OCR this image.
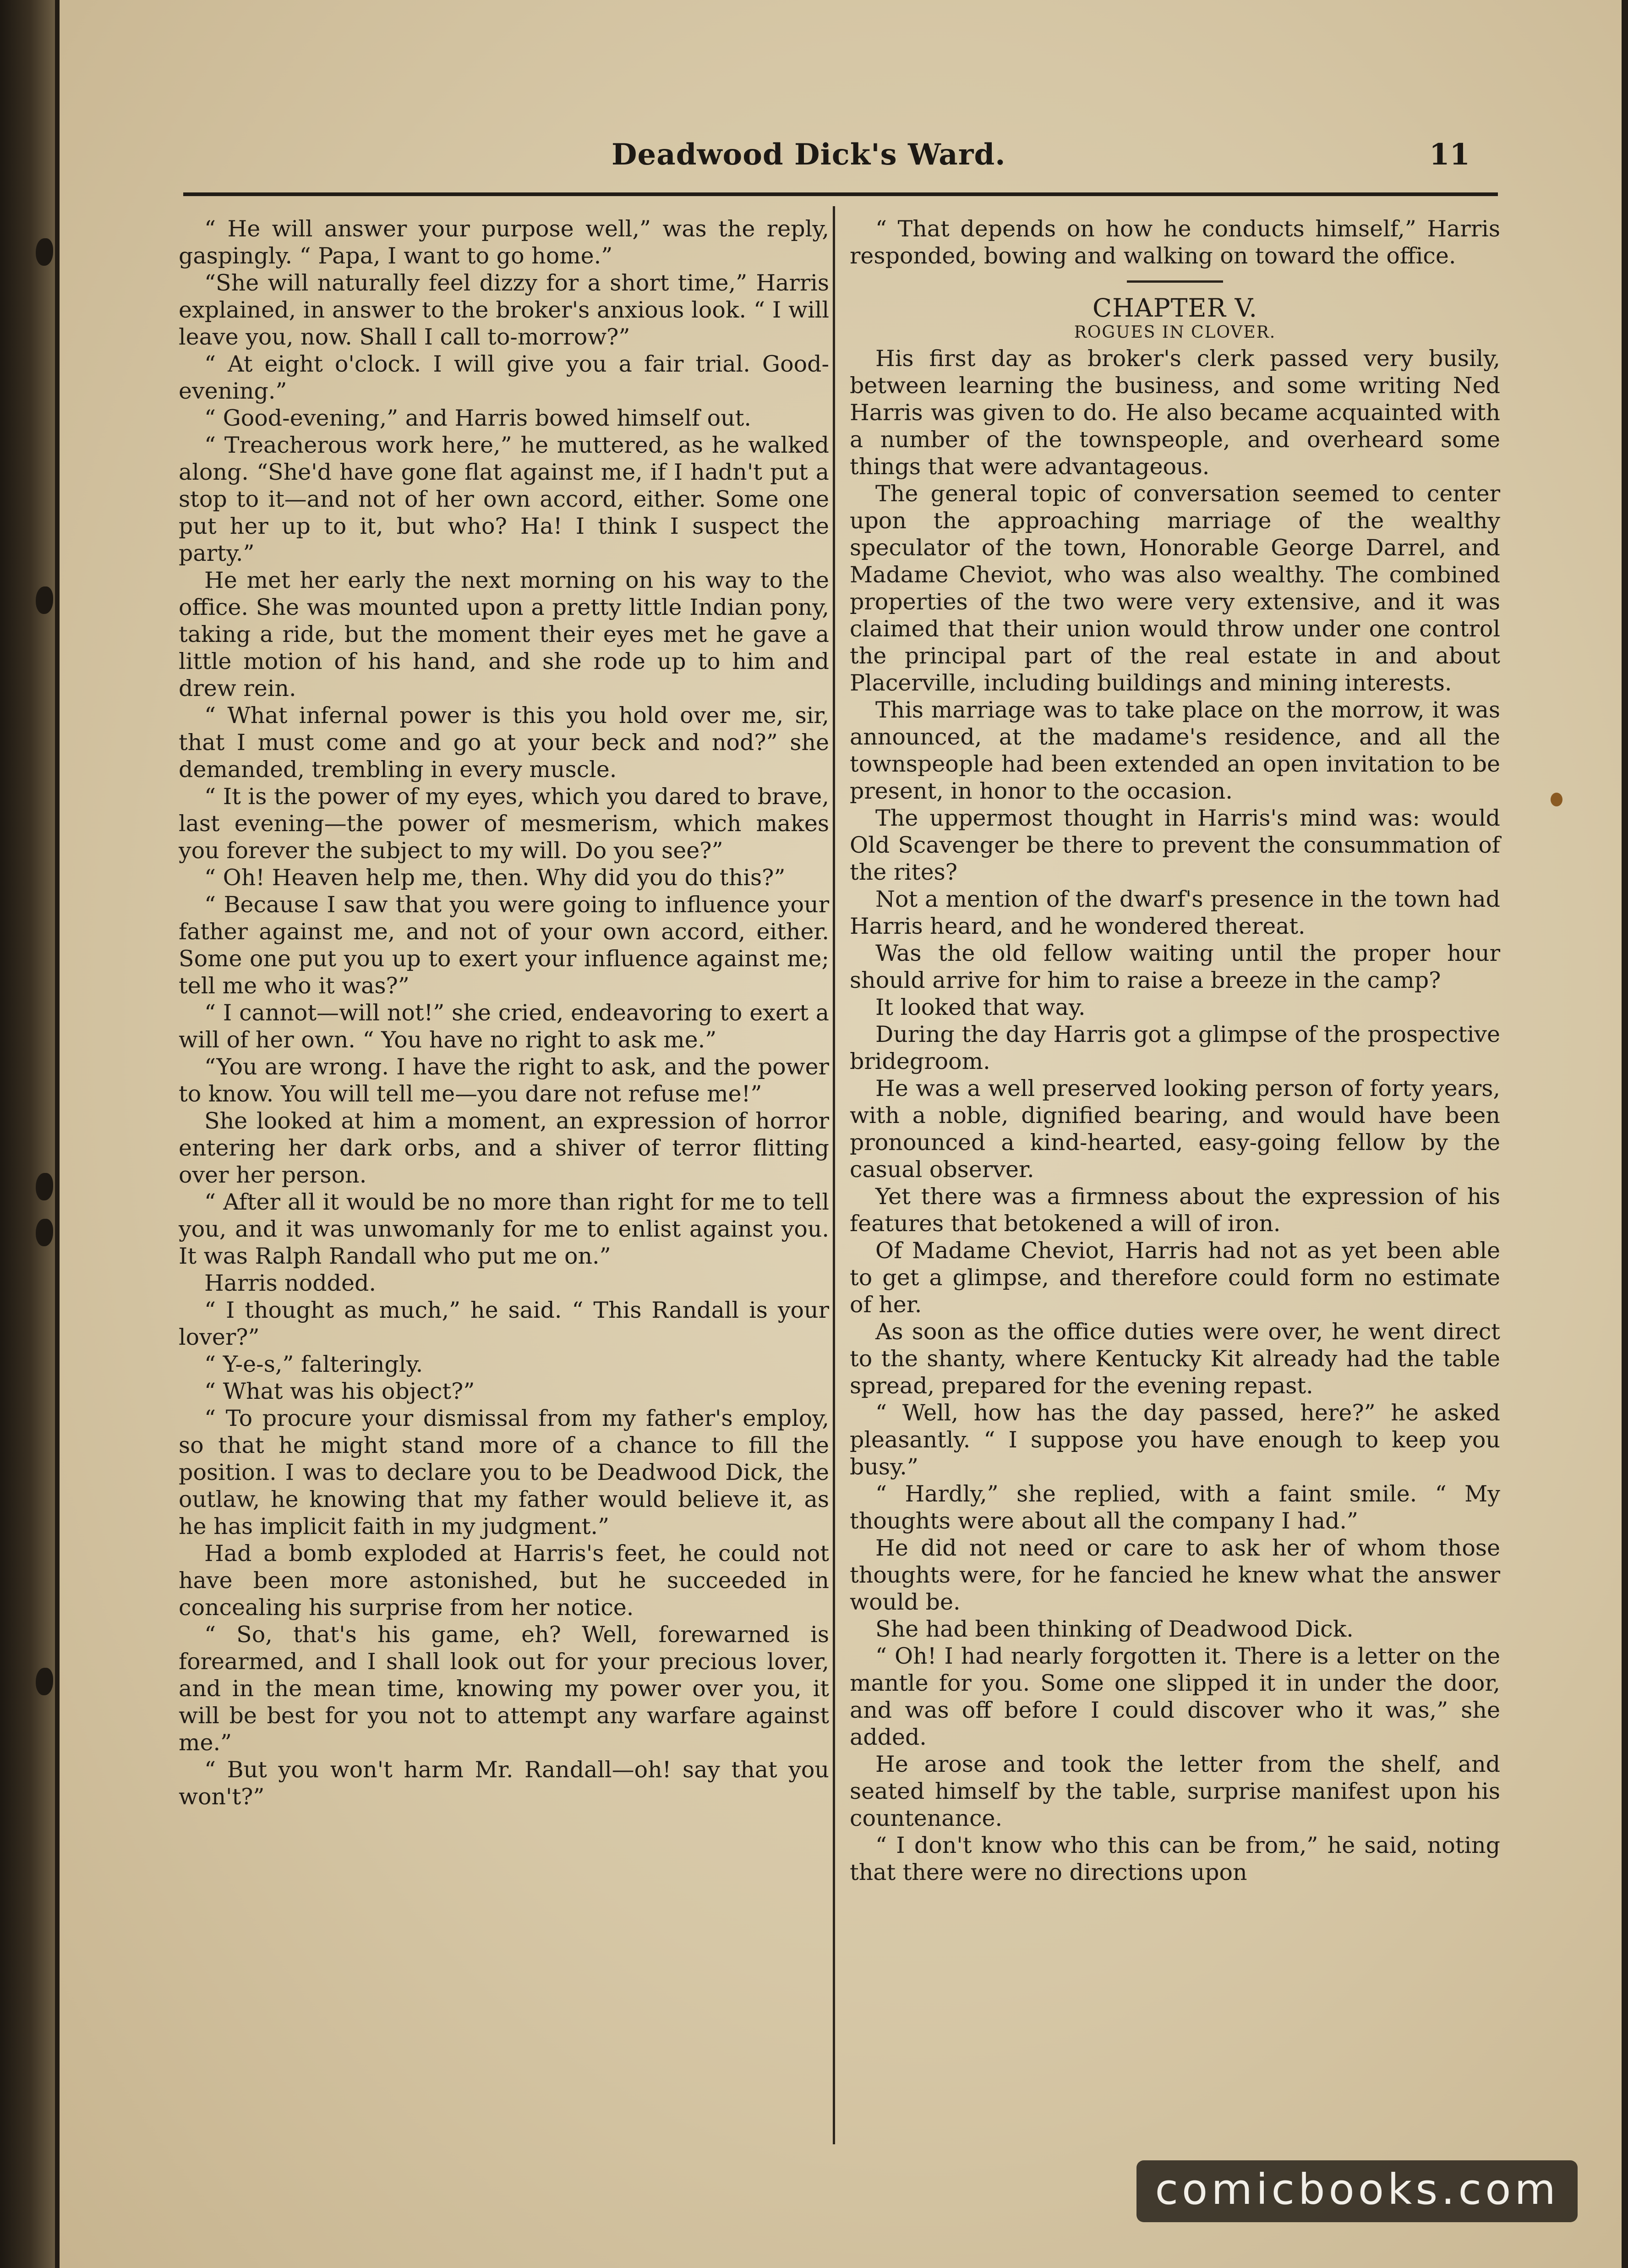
Deadwood Dick's Ward.	11

“ He will answer your purpose well,” was the reply, gaspingly. “ Papa, I want to go home.”

“She will naturally feel dizzy for a short time,” Harris explained, in answer to the broker's anxious look. “ I will leave you, now. Shall I call to-morrow?”

“ At eight o'clock. I will give you a fair trial. Good-evening.”

“ Good-evening,” and Harris bowed himself out.

“ Treacherous work here,” he muttered, as he walked along. “She'd have gone flat against me, if I hadn't put a stop to it—and not of her own accord, either. Some one put her up to it, but who? Ha! I think I suspect the party.”

He met her early the next morning on his way to the office. She was mounted upon a pretty little Indian pony, taking a ride, but the moment their eyes met he gave a little motion of his hand, and she rode up to him and drew rein.

“ What infernal power is this you hold over me, sir, that I must come and go at your beck and nod?” she demanded, trembling in every muscle.

“ It is the power of my eyes, which you dared to brave, last evening—the power of mesmerism, which makes you forever the subject to my will. Do you see?”

“ Oh! Heaven help me, then. Why did you do this?”

“ Because I saw that you were going to influence your father against me, and not of your own accord, either. Some one put you up to exert your influence against me; tell me who it was?”

“ I cannot—will not!” she cried, endeavoring to exert a will of her own. “ You have no right to ask me.”

“You are wrong. I have the right to ask, and the power to know. You will tell me—you dare not refuse me!”

She looked at him a moment, an expression of horror entering her dark orbs, and a shiver of terror flitting over her person.

“ After all it would be no more than right for me to tell you, and it was unwomanly for me to enlist against you. It was Ralph Randall who put me on.”

Harris nodded.

“ I thought as much,” he said. “ This Randall is your lover?”

“ Y-e-s,” falteringly.

“ What was his object?”

“ To procure your dismissal from my father's employ, so that he might stand more of a chance to fill the position. I was to declare you to be Deadwood Dick, the outlaw, he knowing that my father would believe it, as he has implicit faith in my judgment.”

Had a bomb exploded at Harris's feet, he could not have been more astonished, but he succeeded in concealing his surprise from her notice.

“ So, that's his game, eh? Well, forewarned is forearmed, and I shall look out for your precious lover, and in the mean time, knowing my power over you, it will be best for you not to attempt any warfare against me.”

“ But you won't harm Mr. Randall—oh! say that you won't?”

“ That depends on how he conducts himself,” Harris responded, bowing and walking on toward the office.

CHAPTER V.
ROGUES IN CLOVER.

His first day as broker's clerk passed very busily, between learning the business, and some writing Ned Harris was given to do. He also became acquainted with a number of the townspeople, and overheard some things that were advantageous.

The general topic of conversation seemed to center upon the approaching marriage of the wealthy speculator of the town, Honorable George Darrel, and Madame Cheviot, who was also wealthy. The combined properties of the two were very extensive, and it was claimed that their union would throw under one control the principal part of the real estate in and about Placerville, including buildings and mining interests.

This marriage was to take place on the morrow, it was announced, at the madame's residence, and all the townspeople had been extended an open invitation to be present, in honor to the occasion.

The uppermost thought in Harris's mind was: would Old Scavenger be there to prevent the consummation of the rites?

Not a mention of the dwarf's presence in the town had Harris heard, and he wondered thereat.

Was the old fellow waiting until the proper hour should arrive for him to raise a breeze in the camp?

It looked that way.

During the day Harris got a glimpse of the prospective bridegroom.

He was a well preserved looking person of forty years, with a noble, dignified bearing, and would have been pronounced a kind-hearted, easy-going fellow by the casual observer.

Yet there was a firmness about the expression of his features that betokened a will of iron.

Of Madame Cheviot, Harris had not as yet been able to get a glimpse, and therefore could form no estimate of her.

As soon as the office duties were over, he went direct to the shanty, where Kentucky Kit already had the table spread, prepared for the evening repast.

“ Well, how has the day passed, here?” he asked pleasantly. “ I suppose you have enough to keep you busy.”

“ Hardly,” she replied, with a faint smile. “ My thoughts were about all the company I had.”

He did not need or care to ask her of whom those thoughts were, for he fancied he knew what the answer would be.

She had been thinking of Deadwood Dick.

“ Oh! I had nearly forgotten it. There is a letter on the mantle for you. Some one slipped it in under the door, and was off before I could discover who it was,” she added.

He arose and took the letter from the shelf, and seated himself by the table, surprise manifest upon his countenance.

“ I don't know who this can be from,” he said, noting that there were no directions upon

comicbooks.com
